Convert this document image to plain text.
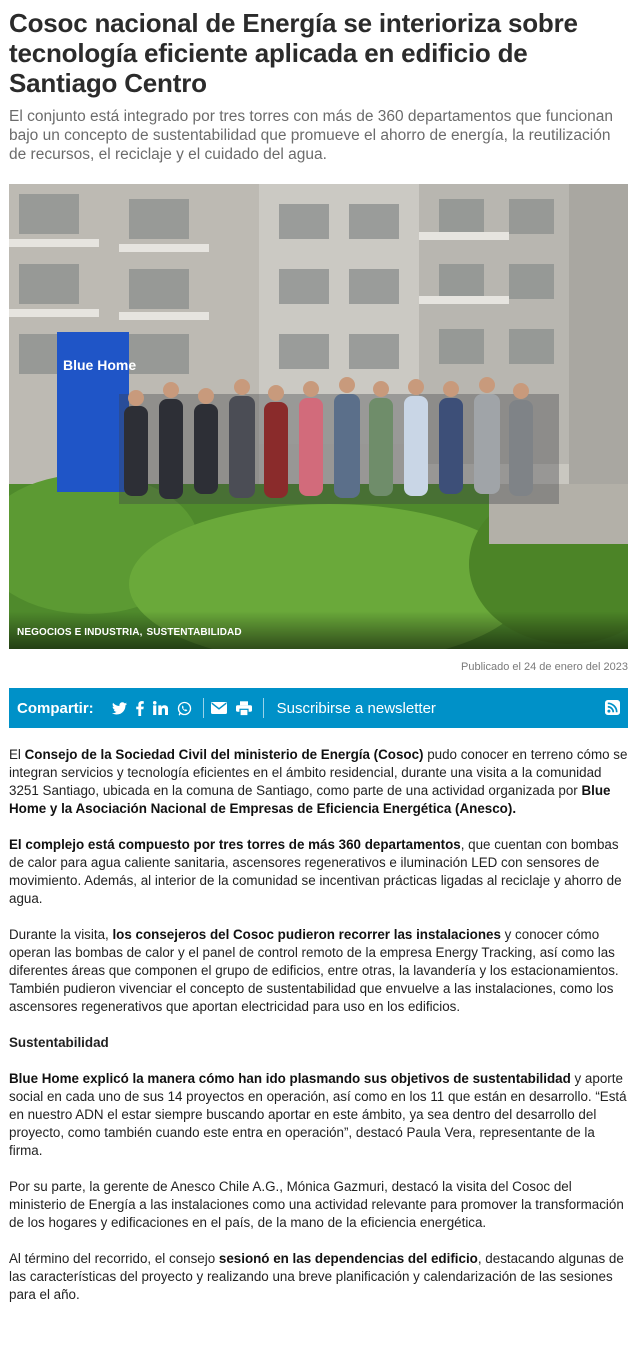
Cosoc nacional de Energía se interioriza sobre tecnología eficiente aplicada en edificio de Santiago Centro

El conjunto está integrado por tres torres con más de 360 departamentos que funcionan bajo un concepto de sustentabilidad que promueve el ahorro de energía, la reutilización de recursos, el reciclaje y el cuidado del agua.

Blue Home
NEGOCIOS E INDUSTRIA, SUSTENTABILIDAD
Publicado el 24 de enero del 2023
Compartir:	Suscribirse a newsletter

El Consejo de la Sociedad Civil del ministerio de Energía (Cosoc) pudo conocer en terreno cómo se integran servicios y tecnología eficientes en el ámbito residencial, durante una visita a la comunidad 3251 Santiago, ubicada en la comuna de Santiago, como parte de una actividad organizada por Blue Home y la Asociación Nacional de Empresas de Eficiencia Energética (Anesco).

El complejo está compuesto por tres torres de más 360 departamentos, que cuentan con bombas de calor para agua caliente sanitaria, ascensores regenerativos e iluminación LED con sensores de movimiento. Además, al interior de la comunidad se incentivan prácticas ligadas al reciclaje y ahorro de agua.

Durante la visita, los consejeros del Cosoc pudieron recorrer las instalaciones y conocer cómo operan las bombas de calor y el panel de control remoto de la empresa Energy Tracking, así como las diferentes áreas que componen el grupo de edificios, entre otras, la lavandería y los estacionamientos. También pudieron vivenciar el concepto de sustentabilidad que envuelve a las instalaciones, como los ascensores regenerativos que aportan electricidad para uso en los edificios.

Sustentabilidad

Blue Home explicó la manera cómo han ido plasmando sus objetivos de sustentabilidad y aporte social en cada uno de sus 14 proyectos en operación, así como en los 11 que están en desarrollo. “Está en nuestro ADN el estar siempre buscando aportar en este ámbito, ya sea dentro del desarrollo del proyecto, como también cuando este entra en operación”, destacó Paula Vera, representante de la firma.

Por su parte, la gerente de Anesco Chile A.G., Mónica Gazmuri, destacó la visita del Cosoc del ministerio de Energía a las instalaciones como una actividad relevante para promover la transformación de los hogares y edificaciones en el país, de la mano de la eficiencia energética.

Al término del recorrido, el consejo sesionó en las dependencias del edificio, destacando algunas de las características del proyecto y realizando una breve planificación y calendarización de las sesiones para el año.
